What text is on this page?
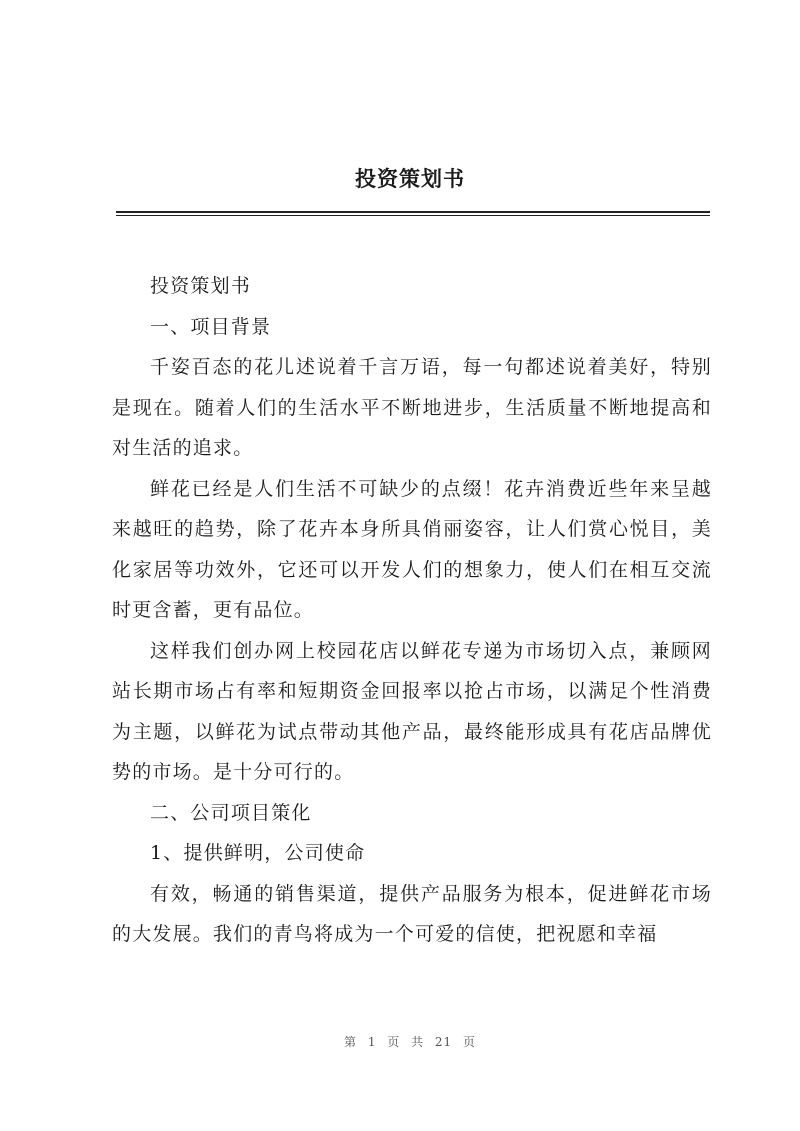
投资策划书

投资策划书

一、项目背景

千姿百态的花儿述说着千言万语，每一句都述说着美好，特别是现在。随着人们的生活水平不断地进步，生活质量不断地提高和对生活的追求。

鲜花已经是人们生活不可缺少的点缀！花卉消费近些年来呈越来越旺的趋势，除了花卉本身所具俏丽姿容，让人们赏心悦目，美化家居等功效外，它还可以开发人们的想象力，使人们在相互交流时更含蓄，更有品位。

这样我们创办网上校园花店以鲜花专递为市场切入点，兼顾网站长期市场占有率和短期资金回报率以抢占市场，以满足个性消费为主题，以鲜花为试点带动其他产品，最终能形成具有花店品牌优势的市场。是十分可行的。

二、公司项目策化

1、提供鲜明，公司使命

有效，畅通的销售渠道，提供产品服务为根本，促进鲜花市场的大发展。我们的青鸟将成为一个可爱的信使，把祝愿和幸福

第 1 页 共 21 页
